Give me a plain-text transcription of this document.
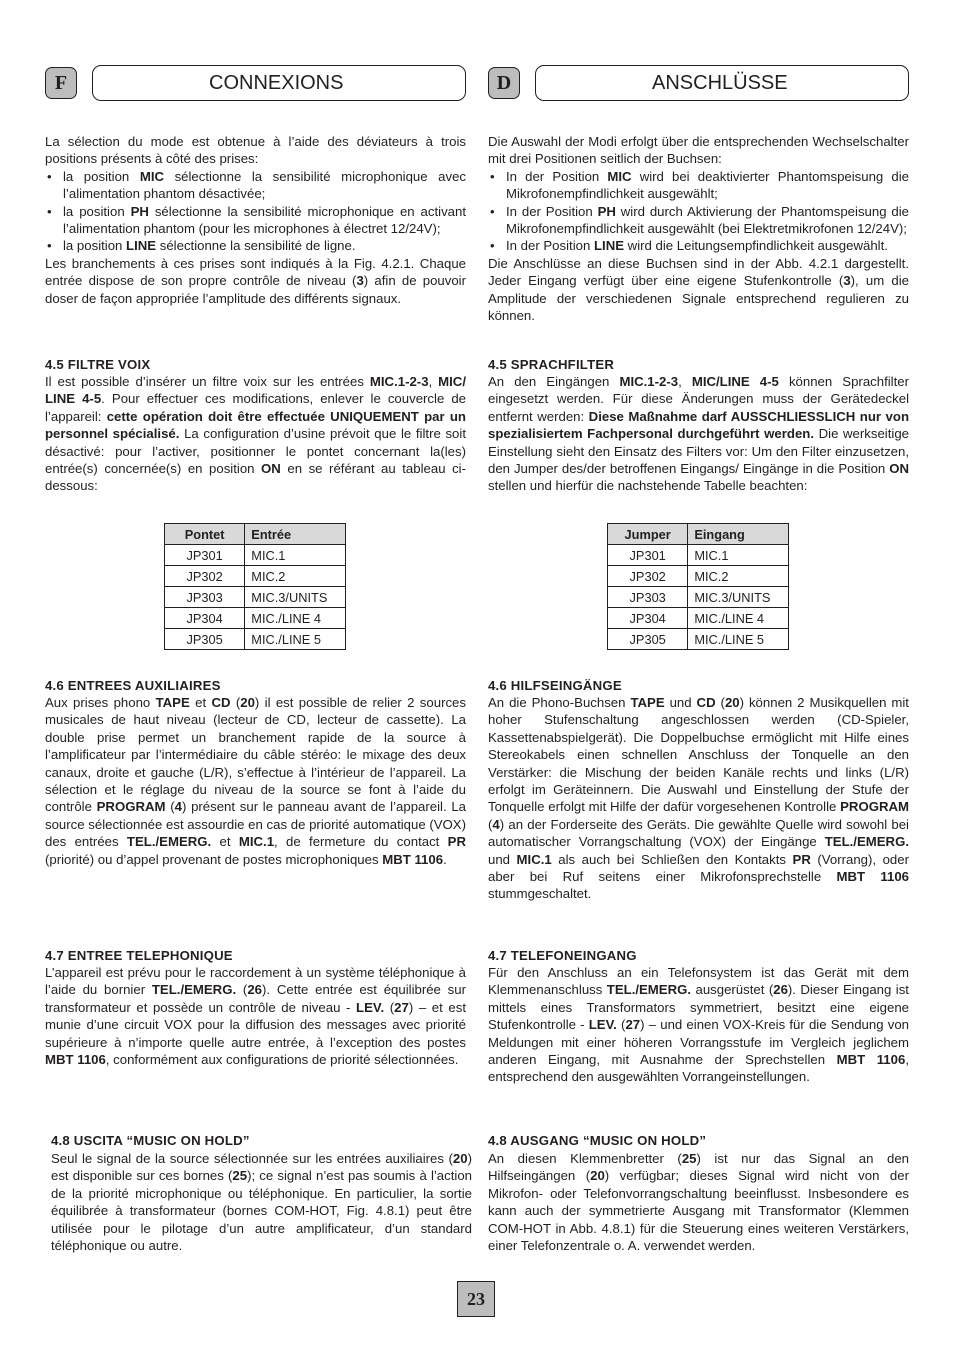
F	CONNEXIONS

La sélection du mode est obtenue à l’aide des déviateurs à trois positions présents à côté des prises:

• la position MIC sélectionne la sensibilité microphonique avec l’alimentation phantom désactivée;

• la position PH sélectionne la sensibilité microphonique en activant l’alimentation phantom (pour les microphones à électret 12/24V);

• la position LINE sélectionne la sensibilité de ligne.

Les branchements à ces prises sont indiqués à la Fig. 4.2.1. Chaque entrée dispose de son propre contrôle de niveau (3) afin de pouvoir doser de façon appropriée l’amplitude des différents signaux.

4.5 FILTRE VOIX

Il est possible d’insérer un filtre voix sur les entrées MIC.1-2-3, MIC/ LINE 4-5. Pour effectuer ces modifications, enlever le couvercle de l’appareil: cette opération doit être effectuée UNIQUEMENT par un personnel spécialisé. La configuration d’usine prévoit que le filtre soit désactivé: pour l’activer, positionner le pontet concernant la(les) entrée(s) concernée(s) en position ON en se référant au tableau ci-dessous:

Pontet	Entrée
JP301	MIC.1
JP302	MIC.2
JP303	MIC.3/UNITS
JP304	MIC./LINE 4
JP305	MIC./LINE 5
4.6 ENTREES AUXILIAIRES

Aux prises phono TAPE et CD (20) il est possible de relier 2 sources musicales de haut niveau (lecteur de CD, lecteur de cassette). La double prise permet un branchement rapide de la source à l’amplificateur par l’intermédiaire du câble stéréo: le mixage des deux canaux, droite et gauche (L/R), s’effectue à l’intérieur de l’appareil. La sélection et le réglage du niveau de la source se font à l’aide du contrôle PROGRAM (4) présent sur le panneau avant de l’appareil. La source sélectionnée est assourdie en cas de priorité automatique (VOX) des entrées TEL./EMERG. et MIC.1, de fermeture du contact PR (priorité) ou d’appel provenant de postes microphoniques MBT 1106.

4.7 ENTREE TELEPHONIQUE

L’appareil est prévu pour le raccordement à un système téléphonique à l’aide du bornier TEL./EMERG. (26). Cette entrée est équilibrée sur transformateur et possède un contrôle de niveau - LEV. (27) – et est munie d’une circuit VOX pour la diffusion des messages avec priorité supérieure à n’importe quelle autre entrée, à l’exception des postes MBT 1106, conformément aux configurations de priorité sélectionnées.

4.8 USCITA “MUSIC ON HOLD”

Seul le signal de la source sélectionnée sur les entrées auxiliaires (20) est disponible sur ces bornes (25); ce signal n’est pas soumis à l’action de la priorité microphonique ou téléphonique. En particulier, la sortie équilibrée à transformateur (bornes COM-HOT, Fig. 4.8.1) peut être utilisée pour le pilotage d’un autre amplificateur, d’un standard téléphonique ou autre.

D	ANSCHLÜSSE

Die Auswahl der Modi erfolgt über die entsprechenden Wechselschalter mit drei Positionen seitlich der Buchsen:

• In der Position MIC wird bei deaktivierter Phantomspeisung die Mikrofonempfindlichkeit ausgewählt;

• In der Position PH wird durch Aktivierung der Phantomspeisung die Mikrofonempfindlichkeit ausgewählt (bei Elektretmikrofonen 12/24V);

• In der Position LINE wird die Leitungsempfindlichkeit ausgewählt.

Die Anschlüsse an diese Buchsen sind in der Abb. 4.2.1 dargestellt. Jeder Eingang verfügt über eine eigene Stufenkontrolle (3), um die Amplitude der verschiedenen Signale entsprechend regulieren zu können.

4.5 SPRACHFILTER

An den Eingängen MIC.1-2-3, MIC/LINE 4-5 können Sprachfilter eingesetzt werden. Für diese Änderungen muss der Gerätedeckel entfernt werden: Diese Maßnahme darf AUSSCHLIESSLICH nur von spezialisiertem Fachpersonal durchgeführt werden. Die werkseitige Einstellung sieht den Einsatz des Filters vor: Um den Filter einzusetzen, den Jumper des/der betroffenen Eingangs/ Eingänge in die Position ON stellen und hierfür die nachstehende Tabelle beachten:

Jumper	Eingang
JP301	MIC.1
JP302	MIC.2
JP303	MIC.3/UNITS
JP304	MIC./LINE 4
JP305	MIC./LINE 5
4.6 HILFSEINGÄNGE

An die Phono-Buchsen TAPE und CD (20) können 2 Musikquellen mit hoher Stufenschaltung angeschlossen werden (CD-Spieler, Kassettenabspielgerät). Die Doppelbuchse ermöglicht mit Hilfe eines Stereokabels einen schnellen Anschluss der Tonquelle an den Verstärker: die Mischung der beiden Kanäle rechts und links (L/R) erfolgt im Geräteinnern. Die Auswahl und Einstellung der Stufe der Tonquelle erfolgt mit Hilfe der dafür vorgesehenen Kontrolle PROGRAM (4) an der Forderseite des Geräts. Die gewählte Quelle wird sowohl bei automatischer Vorrangschaltung (VOX) der Eingänge TEL./EMERG. und MIC.1 als auch bei Schließen den Kontakts PR (Vorrang), oder aber bei Ruf seitens einer Mikrofonsprechstelle MBT 1106 stummgeschaltet.

4.7 TELEFONEINGANG

Für den Anschluss an ein Telefonsystem ist das Gerät mit dem Klemmenanschluss TEL./EMERG. ausgerüstet (26). Dieser Eingang ist mittels eines Transformators symmetriert, besitzt eine eigene Stufenkontrolle - LEV. (27) – und einen VOX-Kreis für die Sendung von Meldungen mit einer höheren Vorrangsstufe im Vergleich jeglichem anderen Eingang, mit Ausnahme der Sprechstellen MBT 1106, entsprechend den ausgewählten Vorrangeinstellungen.

4.8 AUSGANG “MUSIC ON HOLD”

An diesen Klemmenbretter (25) ist nur das Signal an den Hilfseingängen (20) verfügbar; dieses Signal wird nicht von der Mikrofon- oder Telefonvorrangschaltung beeinflusst. Insbesondere es kann auch der symmetrierte Ausgang mit Transformator (Klemmen COM-HOT in Abb. 4.8.1) für die Steuerung eines weiteren Verstärkers, einer Telefonzentrale o. A. verwendet werden.

23
